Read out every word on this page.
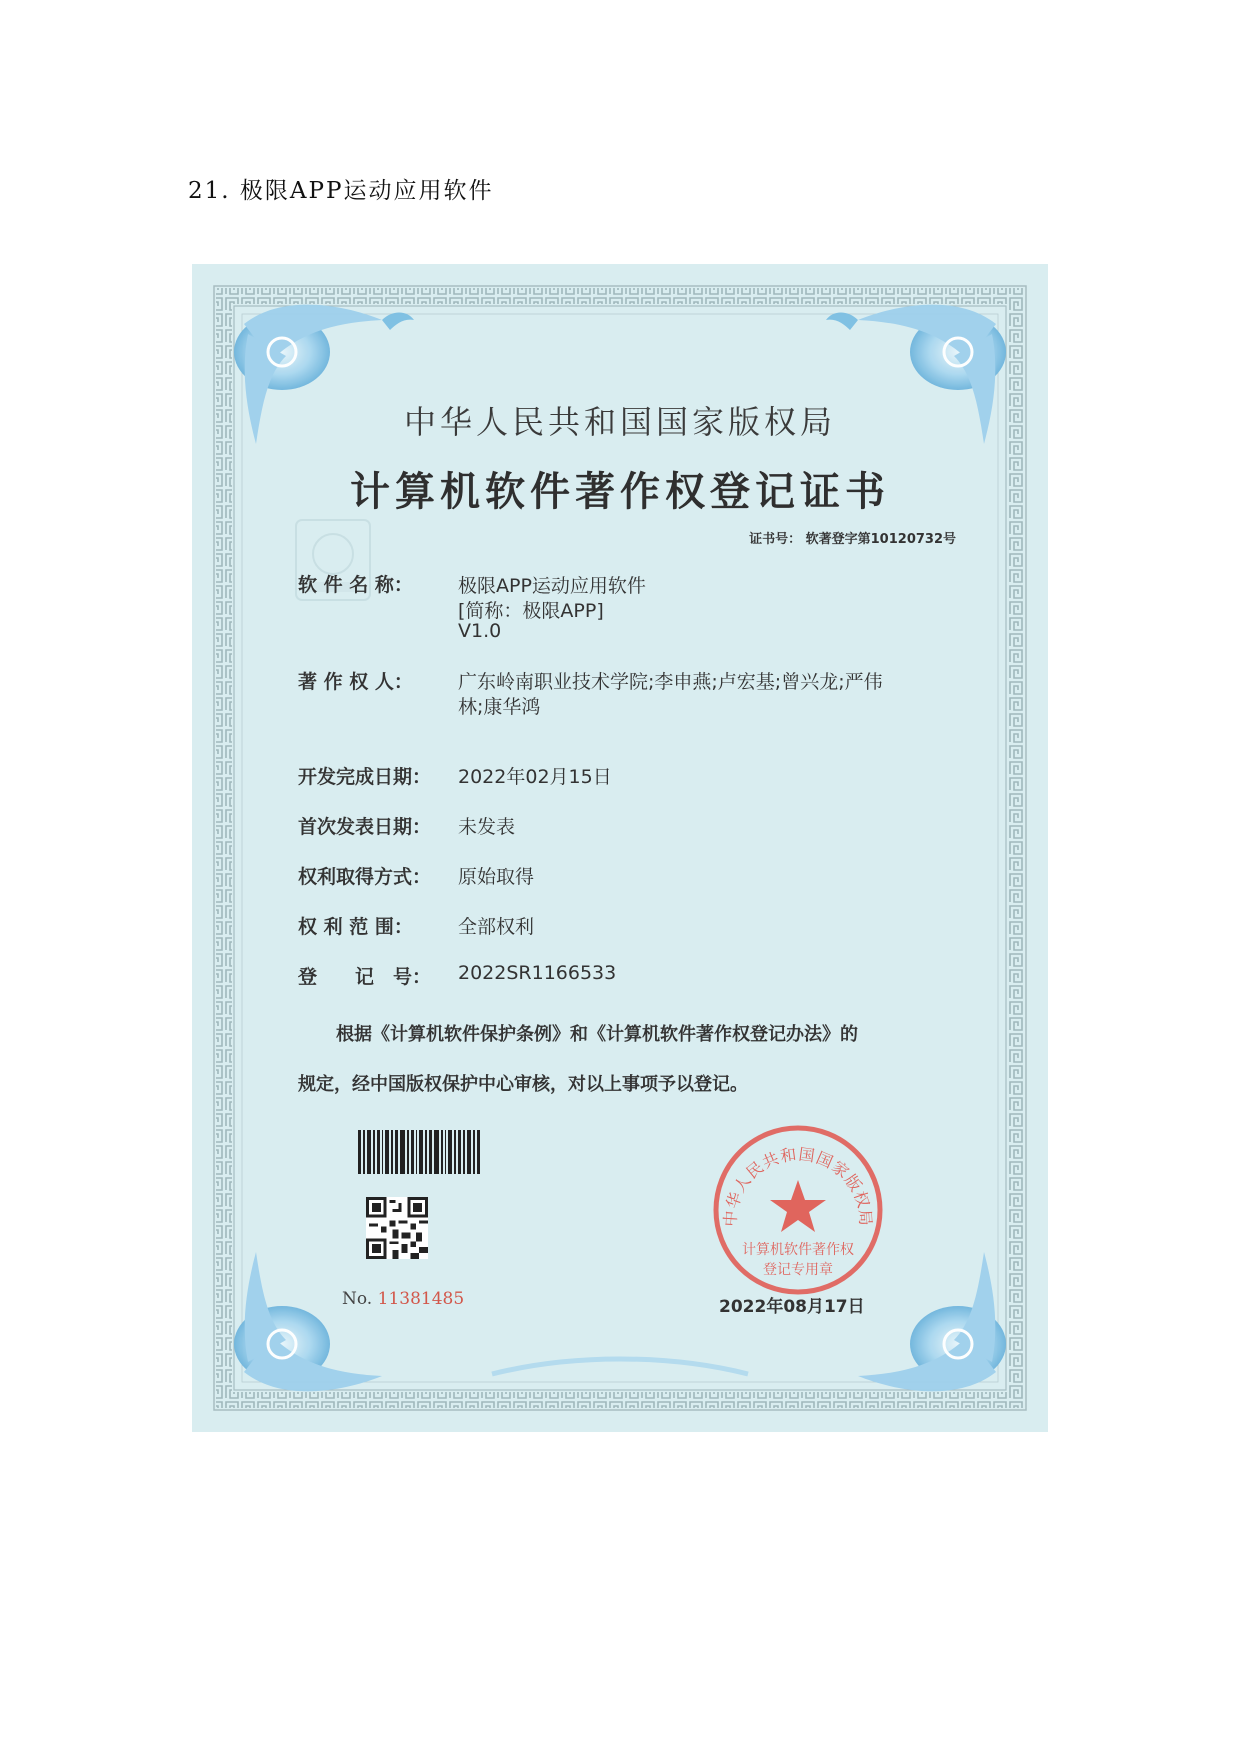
21. 极限APP运动应用软件
中华人民共和国国家版权局
计算机软件著作权登记证书
证书号： 软著登字第10120732号
软 件 名 称： 极限APP运动应用软件
[简称：极限APP]
V1.0
著 作 权 人： 广东岭南职业技术学院;李申燕;卢宏基;曾兴龙;严伟
林;康华鸿
开发完成日期： 2022年02月15日
首次发表日期： 未发表
权利取得方式： 原始取得
权 利 范 围： 全部权利
登　　记　号： 2022SR1166533
根据《计算机软件保护条例》和《计算机软件著作权登记办法》的
规定，经中国版权保护中心审核，对以上事项予以登记。
No. 11381485	2022年08月17日
中华人民共和国国家版权局
计算机软件著作权
登记专用章
